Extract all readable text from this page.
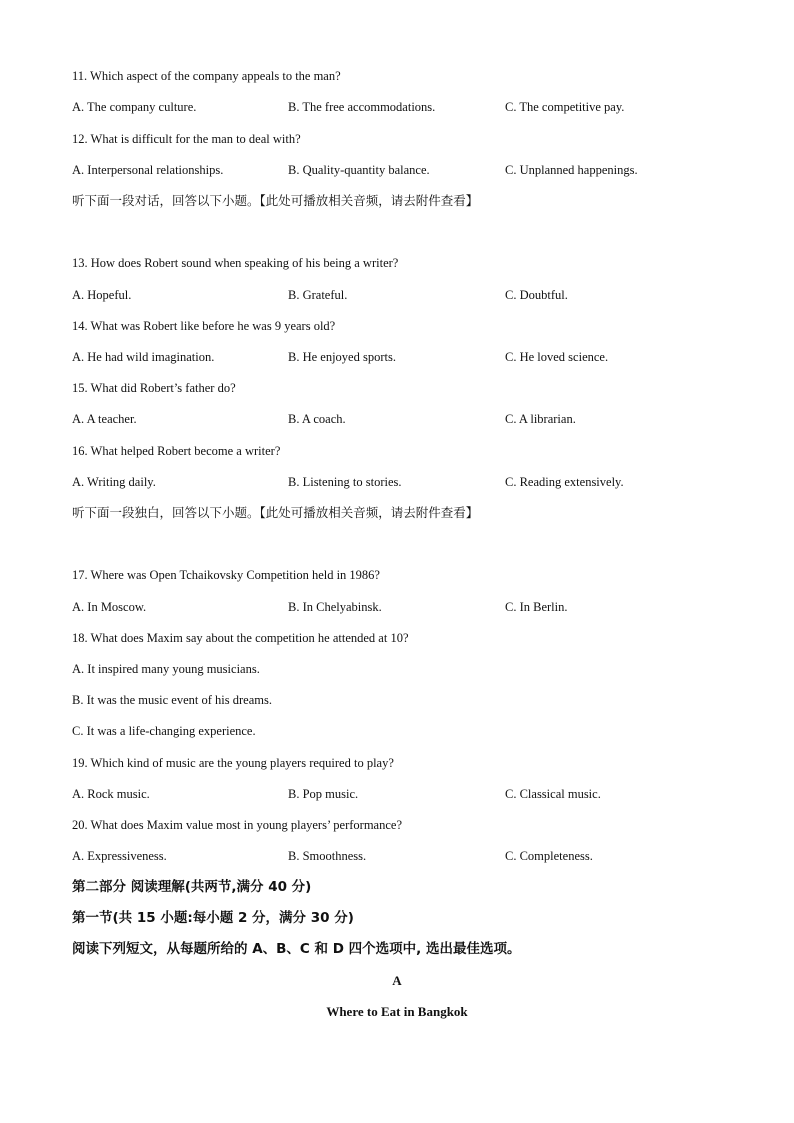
11. Which aspect of the company appeals to the man?
A. The company culture.	B. The free accommodations.	C. The competitive pay.
12. What is difficult for the man to deal with?
A. Interpersonal relationships.	B. Quality-quantity balance.	C. Unplanned happenings.
听下面一段对话，回答以下小题。【此处可播放相关音频，请去附件查看】
13. How does Robert sound when speaking of his being a writer?
A. Hopeful.	B. Grateful.	C. Doubtful.
14. What was Robert like before he was 9 years old?
A. He had wild imagination.	B. He enjoyed sports.	C. He loved science.
15. What did Robert’s father do?
A. A teacher.	B. A coach.	C. A librarian.
16. What helped Robert become a writer?
A. Writing daily.	B. Listening to stories.	C. Reading extensively.
听下面一段独白，回答以下小题。【此处可播放相关音频，请去附件查看】
17. Where was Open Tchaikovsky Competition held in 1986?
A. In Moscow.	B. In Chelyabinsk.	C. In Berlin.
18. What does Maxim say about the competition he attended at 10?
A. It inspired many young musicians.
B. It was the music event of his dreams.
C. It was a life-changing experience.
19. Which kind of music are the young players required to play?
A. Rock music.	B. Pop music.	C. Classical music.
20. What does Maxim value most in young players’ performance?
A. Expressiveness.	B. Smoothness.	C. Completeness.
第二部分 阅读理解(共两节,满分 40 分)
第一节(共 15 小题:每小题 2 分，满分 30 分)
阅读下列短文，从每题所给的 A、B、C 和 D 四个选项中, 选出最佳选项。
A
Where to Eat in Bangkok
